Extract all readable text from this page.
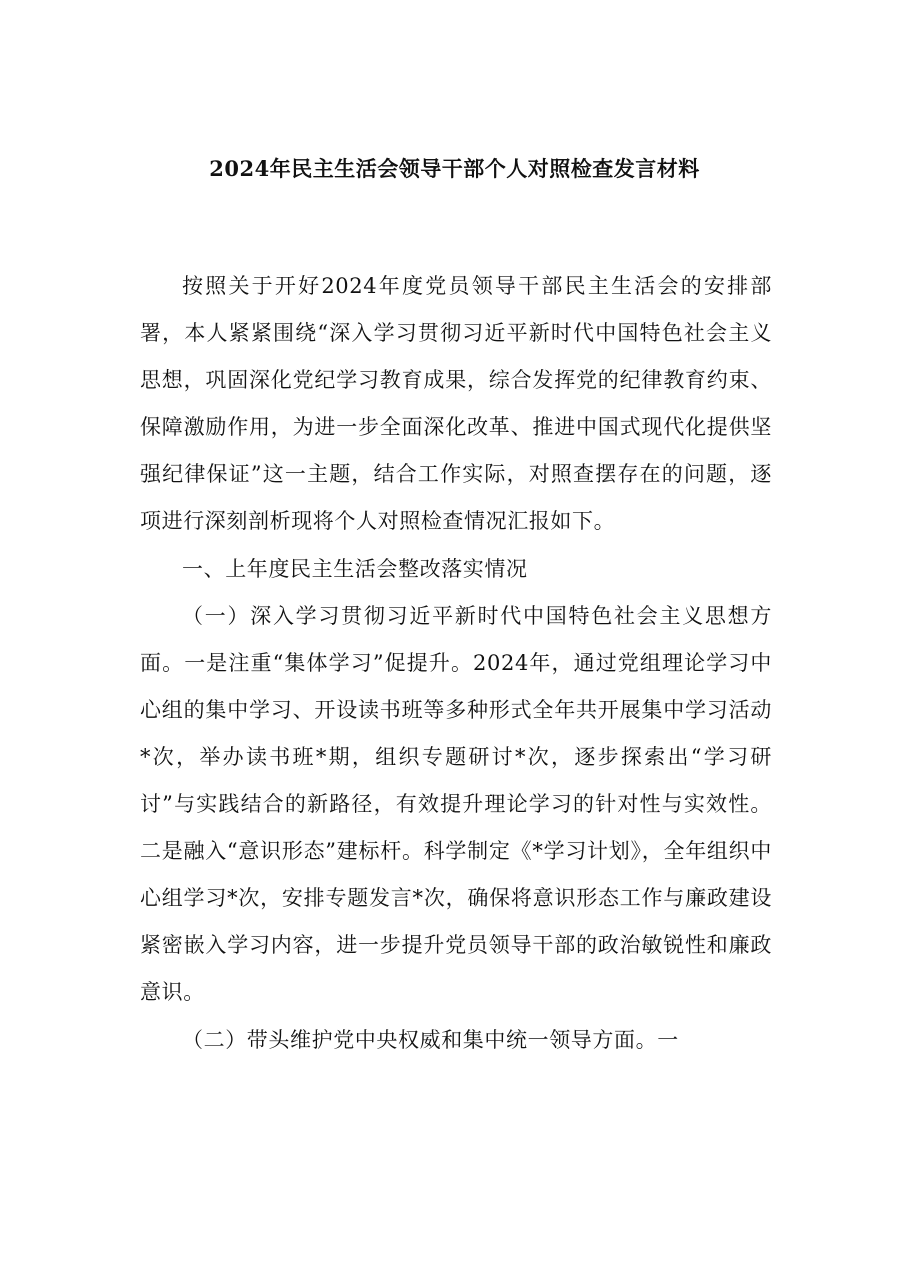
2024年民主生活会领导干部个人对照检查发言材料

按照关于开好2024年度党员领导干部民主生活会的安排部署，本人紧紧围绕“深入学习贯彻习近平新时代中国特色社会主义思想，巩固深化党纪学习教育成果，综合发挥党的纪律教育约束、保障激励作用，为进一步全面深化改革、推进中国式现代化提供坚强纪律保证”这一主题，结合工作实际，对照查摆存在的问题，逐项进行深刻剖析现将个人对照检查情况汇报如下。

一、上年度民主生活会整改落实情况

（一）深入学习贯彻习近平新时代中国特色社会主义思想方面。一是注重“集体学习”促提升。2024年，通过党组理论学习中心组的集中学习、开设读书班等多种形式全年共开展集中学习活动*次，举办读书班*期，组织专题研讨*次，逐步探索出“学习研讨”与实践结合的新路径，有效提升理论学习的针对性与实效性。二是融入“意识形态”建标杆。科学制定《*学习计划》，全年组织中心组学习*次，安排专题发言*次，确保将意识形态工作与廉政建设紧密嵌入学习内容，进一步提升党员领导干部的政治敏锐性和廉政意识。

（二）带头维护党中央权威和集中统一领导方面。一
